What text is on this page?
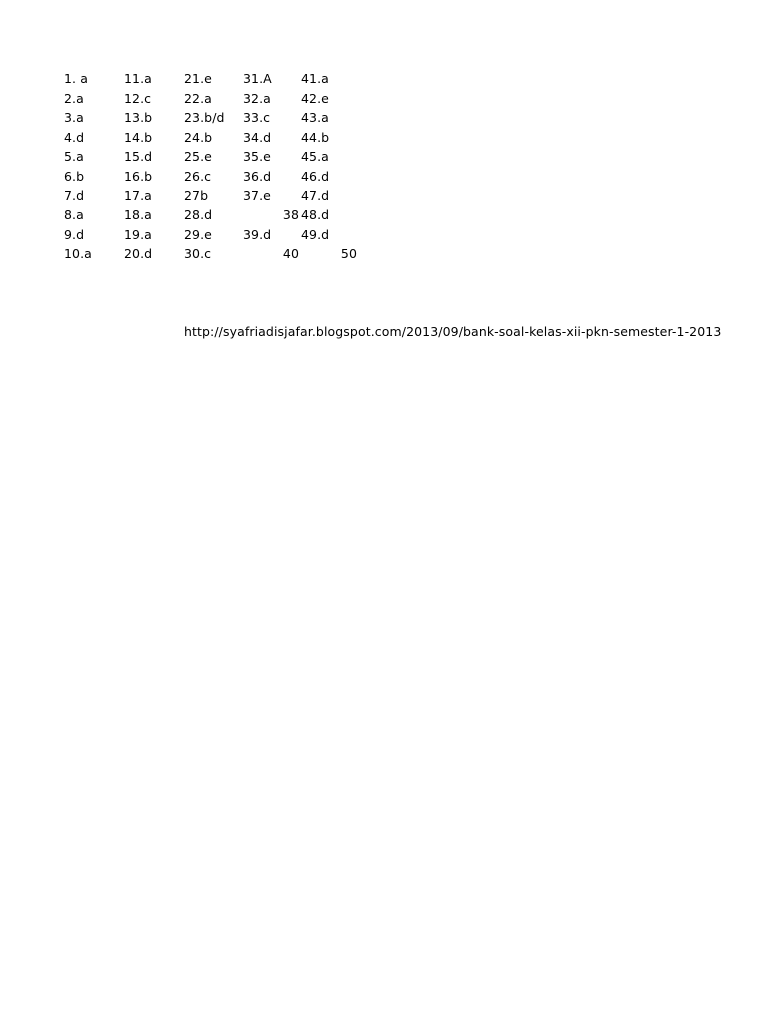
1. a
2.a
3.a
4.d
5.a
6.b
7.d
8.a
9.d
10.a
11.a
12.c
13.b
14.b
15.d
16.b
17.a
18.a
19.a
20.d
21.e
22.a
23.b/d
24.b
25.e
26.c
27b
28.d
29.e
30.c
31.A
32.a
33.c
34.d
35.e
36.d
37.e
38
39.d
40
41.a
42.e
43.a
44.b
45.a
46.d
47.d
48.d
49.d
50
http://syafriadisjafar.blogspot.com/2013/09/bank-soal-kelas-xii-pkn-semester-1-2013
